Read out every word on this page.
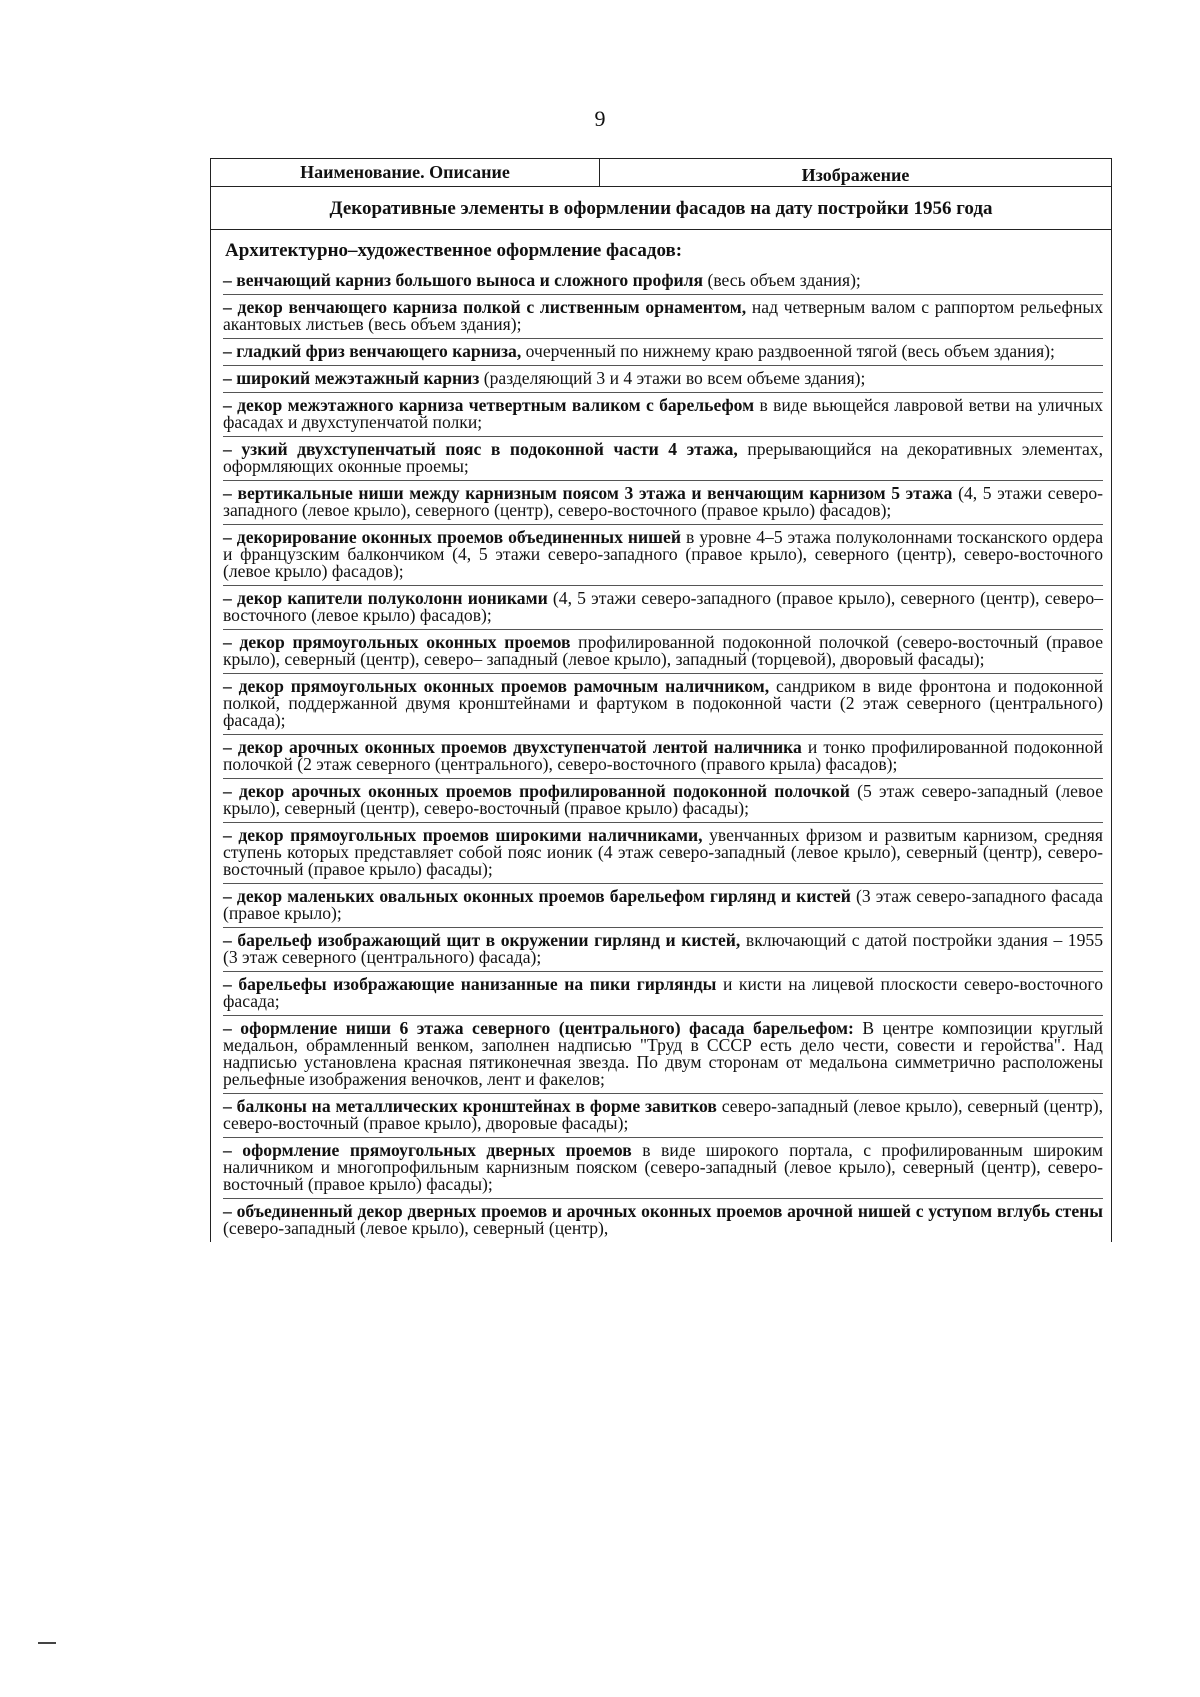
9
Наименование. Описание	Изображение
Декоративные элементы в оформлении фасадов на дату постройки 1956 года
Архитектурно–художественное оформление фасадов:

– венчающий карниз большого выноса и сложного профиля (весь объем здания);

– декор венчающего карниза полкой с лиственным орнаментом, над четверным валом с раппортом рельефных акантовых листьев (весь объем здания);

– гладкий фриз венчающего карниза, очерченный по нижнему краю раздвоенной тягой (весь объем здания);

– широкий межэтажный карниз (разделяющий 3 и 4 этажи во всем объеме здания);

– декор межэтажного карниза четвертным валиком с барельефом в виде вьющейся лавровой ветви на уличных фасадах и двухступенчатой полки;

– узкий двухступенчатый пояс в подоконной части 4 этажа, прерывающийся на декоративных элементах, оформляющих оконные проемы;

– вертикальные ниши между карнизным поясом 3 этажа и венчающим карнизом 5 этажа (4, 5 этажи северо-западного (левое крыло), северного (центр), северо-восточного (правое крыло) фасадов);

– декорирование оконных проемов объединенных нишей в уровне 4–5 этажа полуколоннами тосканского ордера и французским балкончиком (4, 5 этажи северо-западного (правое крыло), северного (центр), северо-восточного (левое крыло) фасадов);

– декор капители полуколонн иониками (4, 5 этажи северо-западного (правое крыло), северного (центр), северо–восточного (левое крыло) фасадов);

– декор прямоугольных оконных проемов профилированной подоконной полочкой (северо-восточный (правое крыло), северный (центр), северо– западный (левое крыло), западный (торцевой), дворовый фасады);

– декор прямоугольных оконных проемов рамочным наличником, сандриком в виде фронтона и подоконной полкой, поддержанной двумя кронштейнами и фартуком в подоконной части (2 этаж северного (центрального) фасада);

– декор арочных оконных проемов двухступенчатой лентой наличника и тонко профилированной подоконной полочкой (2 этаж северного (центрального), северо-восточного (правого крыла) фасадов);

– декор арочных оконных проемов профилированной подоконной полочкой (5 этаж северо-западный (левое крыло), северный (центр), северо-восточный (правое крыло) фасады);

– декор прямоугольных проемов широкими наличниками, увенчанных фризом и развитым карнизом, средняя ступень которых представляет собой пояс ионик (4 этаж северо-западный (левое крыло), северный (центр), северо-восточный (правое крыло) фасады);

– декор маленьких овальных оконных проемов барельефом гирлянд и кистей (3 этаж северо-западного фасада (правое крыло);

– барельеф изображающий щит в окружении гирлянд и кистей, включающий с датой постройки здания – 1955 (3 этаж северного (центрального) фасада);

– барельефы изображающие нанизанные на пики гирлянды и кисти на лицевой плоскости северо-восточного фасада;

– оформление ниши 6 этажа северного (центрального) фасада барельефом: В центре композиции круглый медальон, обрамленный венком, заполнен надписью "Труд в СССР есть дело чести, совести и геройства". Над надписью установлена красная пятиконечная звезда. По двум сторонам от медальона симметрично расположены рельефные изображения веночков, лент и факелов;

– балконы на металлических кронштейнах в форме завитков северо-западный (левое крыло), северный (центр), северо-восточный (правое крыло), дворовые фасады);

– оформление прямоугольных дверных проемов в виде широкого портала, с профилированным широким наличником и многопрофильным карнизным пояском (северо-западный (левое крыло), северный (центр), северо-восточный (правое крыло) фасады);

– объединенный декор дверных проемов и арочных оконных проемов арочной нишей с уступом вглубь стены (северо-западный (левое крыло), северный (центр),
